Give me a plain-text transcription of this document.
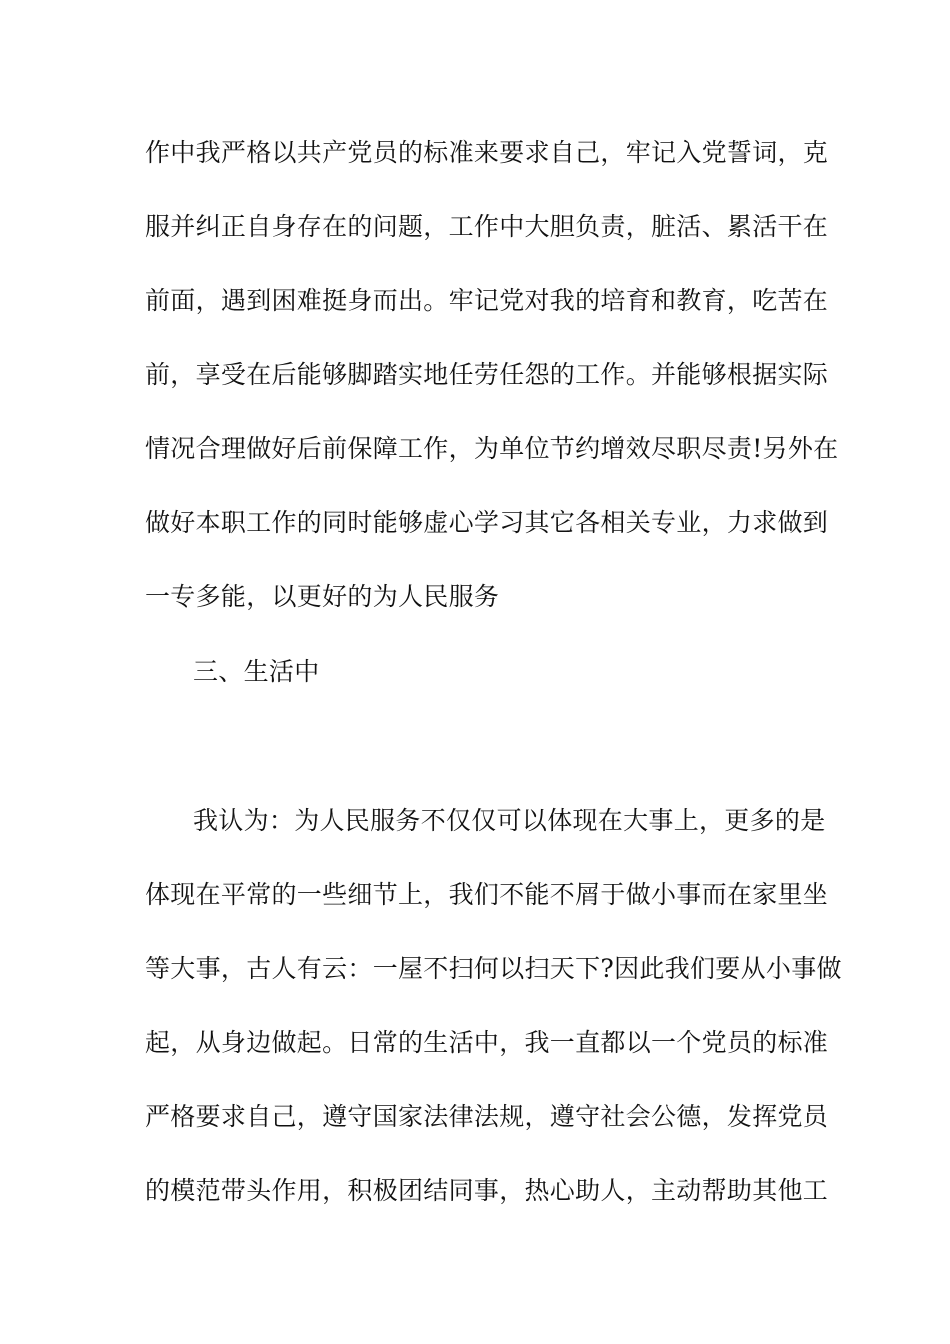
作中我严格以共产党员的标准来要求自己，牢记入党誓词，克
服并纠正自身存在的问题，工作中大胆负责，脏活、累活干在
前面，遇到困难挺身而出。牢记党对我的培育和教育，吃苦在
前，享受在后能够脚踏实地任劳任怨的工作。并能够根据实际
情况合理做好后前保障工作，为单位节约增效尽职尽责!另外在
做好本职工作的同时能够虚心学习其它各相关专业，力求做到
一专多能，以更好的为人民服务
三、生活中
我认为：为人民服务不仅仅可以体现在大事上，更多的是
体现在平常的一些细节上，我们不能不屑于做小事而在家里坐
等大事，古人有云：一屋不扫何以扫天下?因此我们要从小事做
起，从身边做起。日常的生活中，我一直都以一个党员的标准
严格要求自己，遵守国家法律法规，遵守社会公德，发挥党员
的模范带头作用，积极团结同事，热心助人，主动帮助其他工
